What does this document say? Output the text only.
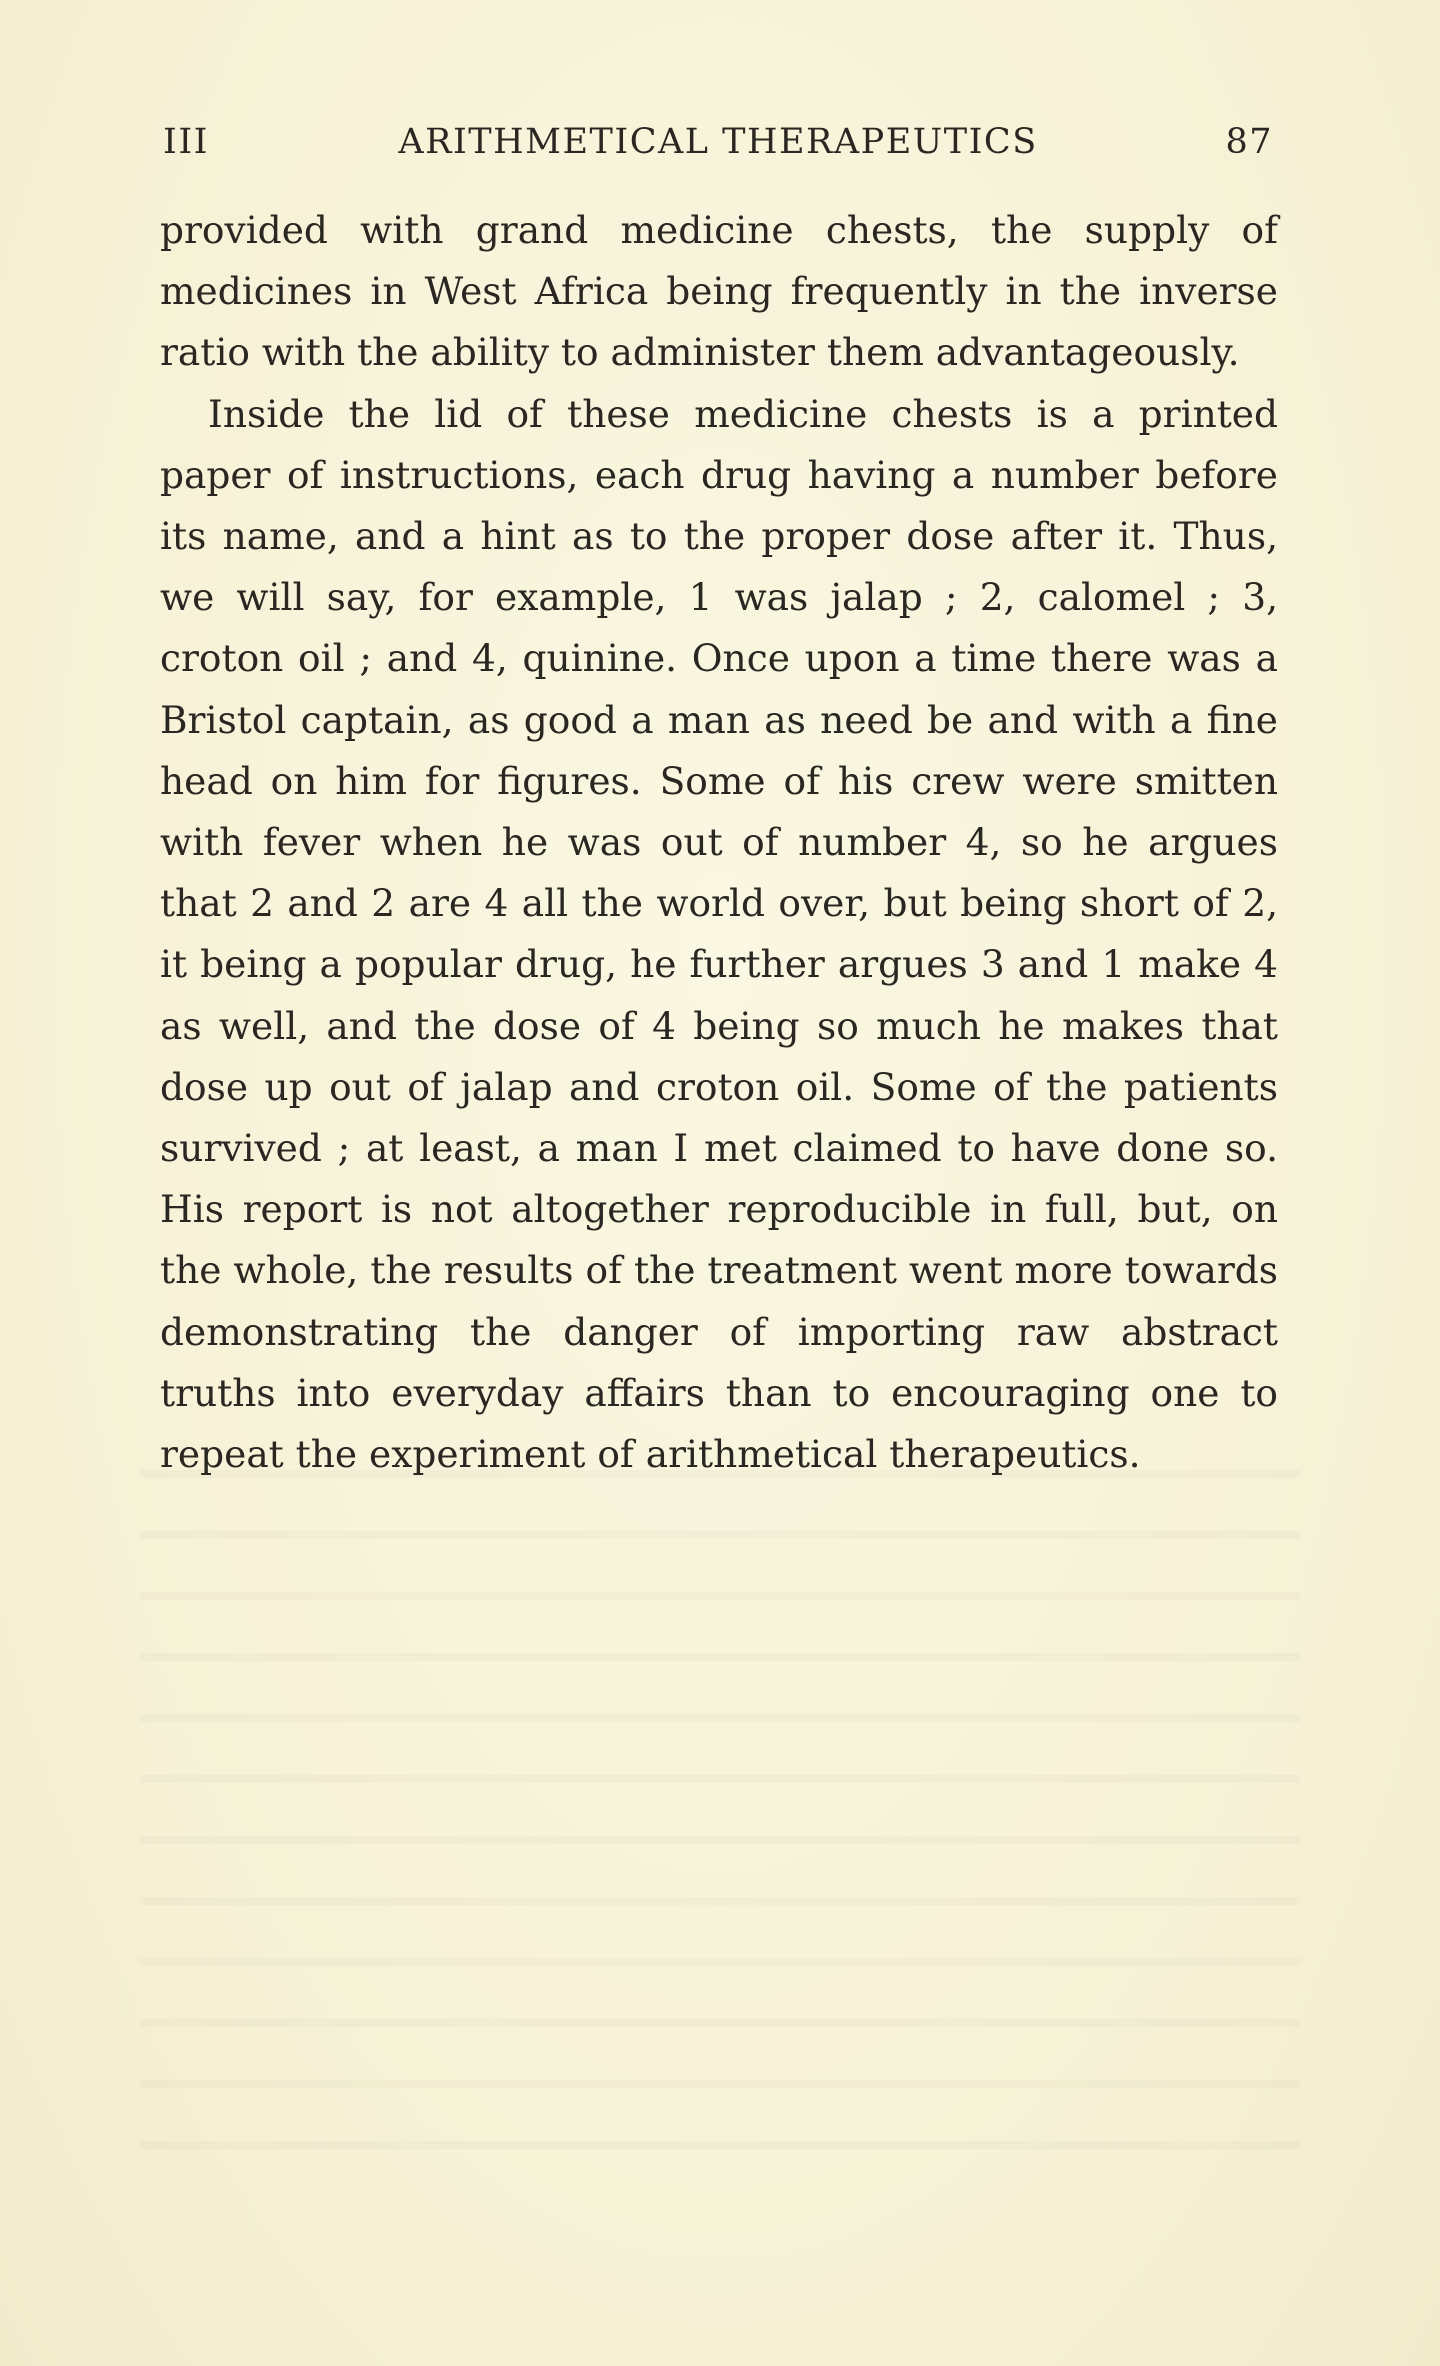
III	ARITHMETICAL THERAPEUTICS	87

provided with grand medicine chests, the supply of medicines in West Africa being frequently in the inverse ratio with the ability to administer them advantageously.

Inside the lid of these medicine chests is a printed paper of instructions, each drug having a number before its name, and a hint as to the proper dose after it. Thus, we will say, for example, 1 was jalap ; 2, calomel ; 3, croton oil ; and 4, quinine. Once upon a time there was a Bristol captain, as good a man as need be and with a fine head on him for figures. Some of his crew were smitten with fever when he was out of number 4, so he argues that 2 and 2 are 4 all the world over, but being short of 2, it being a popular drug, he further argues 3 and 1 make 4 as well, and the dose of 4 being so much he makes that dose up out of jalap and croton oil. Some of the patients survived ; at least, a man I met claimed to have done so. His report is not altogether reproducible in full, but, on the whole, the results of the treatment went more towards demonstrating the danger of importing raw abstract truths into everyday affairs than to encouraging one to repeat the experiment of arithmetical therapeutics.
